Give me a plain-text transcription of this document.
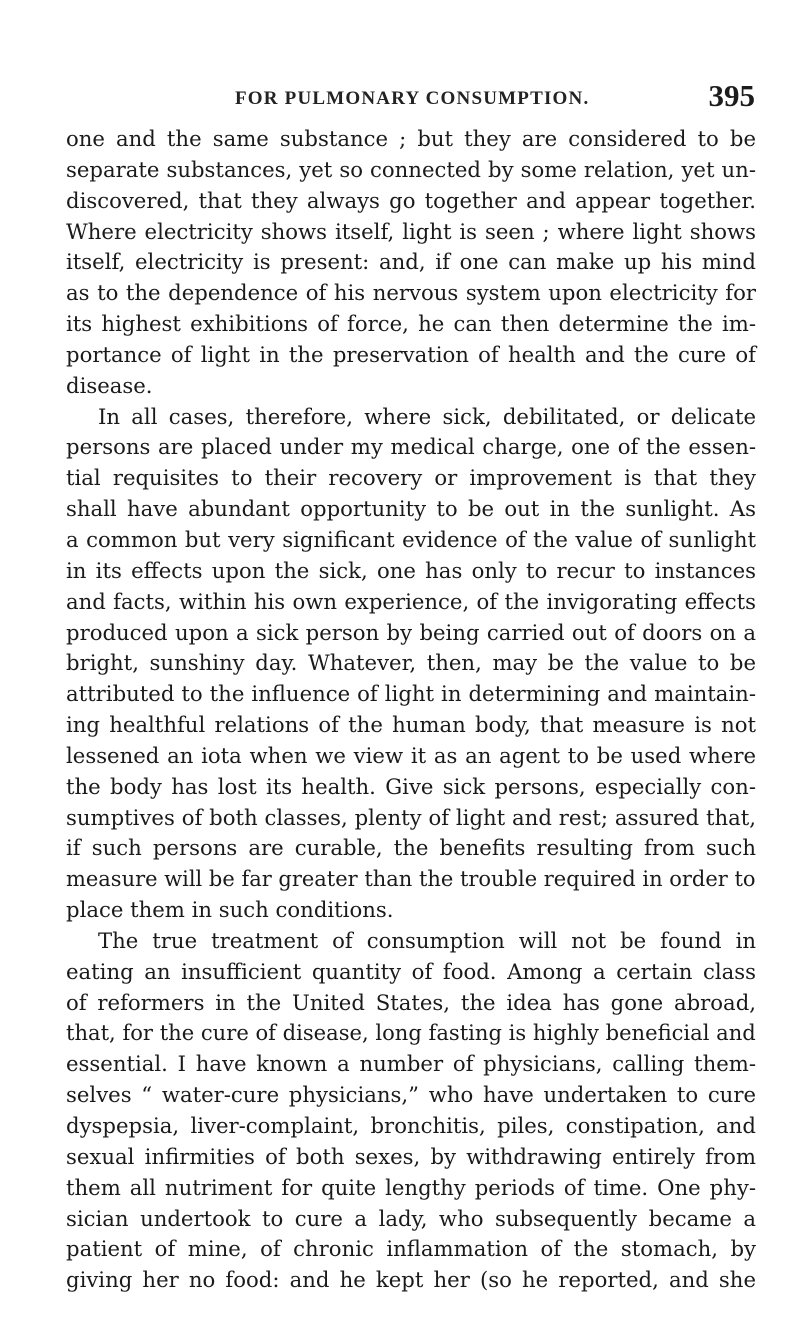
FOR PULMONARY CONSUMPTION.	395
one and the same substance ; but they are considered to be
separate substances, yet so connected by some relation, yet un-
discovered, that they always go together and appear together.
Where electricity shows itself, light is seen ; where light shows
itself, electricity is present: and, if one can make up his mind
as to the dependence of his nervous system upon electricity for
its highest exhibitions of force, he can then determine the im-
portance of light in the preservation of health and the cure of
disease.
In all cases, therefore, where sick, debilitated, or delicate
persons are placed under my medical charge, one of the essen-
tial requisites to their recovery or improvement is that they
shall have abundant opportunity to be out in the sunlight. As
a common but very significant evidence of the value of sunlight
in its effects upon the sick, one has only to recur to instances
and facts, within his own experience, of the invigorating effects
produced upon a sick person by being carried out of doors on a
bright, sunshiny day. Whatever, then, may be the value to be
attributed to the influence of light in determining and maintain-
ing healthful relations of the human body, that measure is not
lessened an iota when we view it as an agent to be used where
the body has lost its health. Give sick persons, especially con-
sumptives of both classes, plenty of light and rest; assured that,
if such persons are curable, the benefits resulting from such
measure will be far greater than the trouble required in order to
place them in such conditions.
The true treatment of consumption will not be found in
eating an insufficient quantity of food. Among a certain class
of reformers in the United States, the idea has gone abroad,
that, for the cure of disease, long fasting is highly beneficial and
essential. I have known a number of physicians, calling them-
selves “ water-cure physicians,” who have undertaken to cure
dyspepsia, liver-complaint, bronchitis, piles, constipation, and
sexual infirmities of both sexes, by withdrawing entirely from
them all nutriment for quite lengthy periods of time. One phy-
sician undertook to cure a lady, who subsequently became a
patient of mine, of chronic inflammation of the stomach, by
giving her no food: and he kept her (so he reported, and she
